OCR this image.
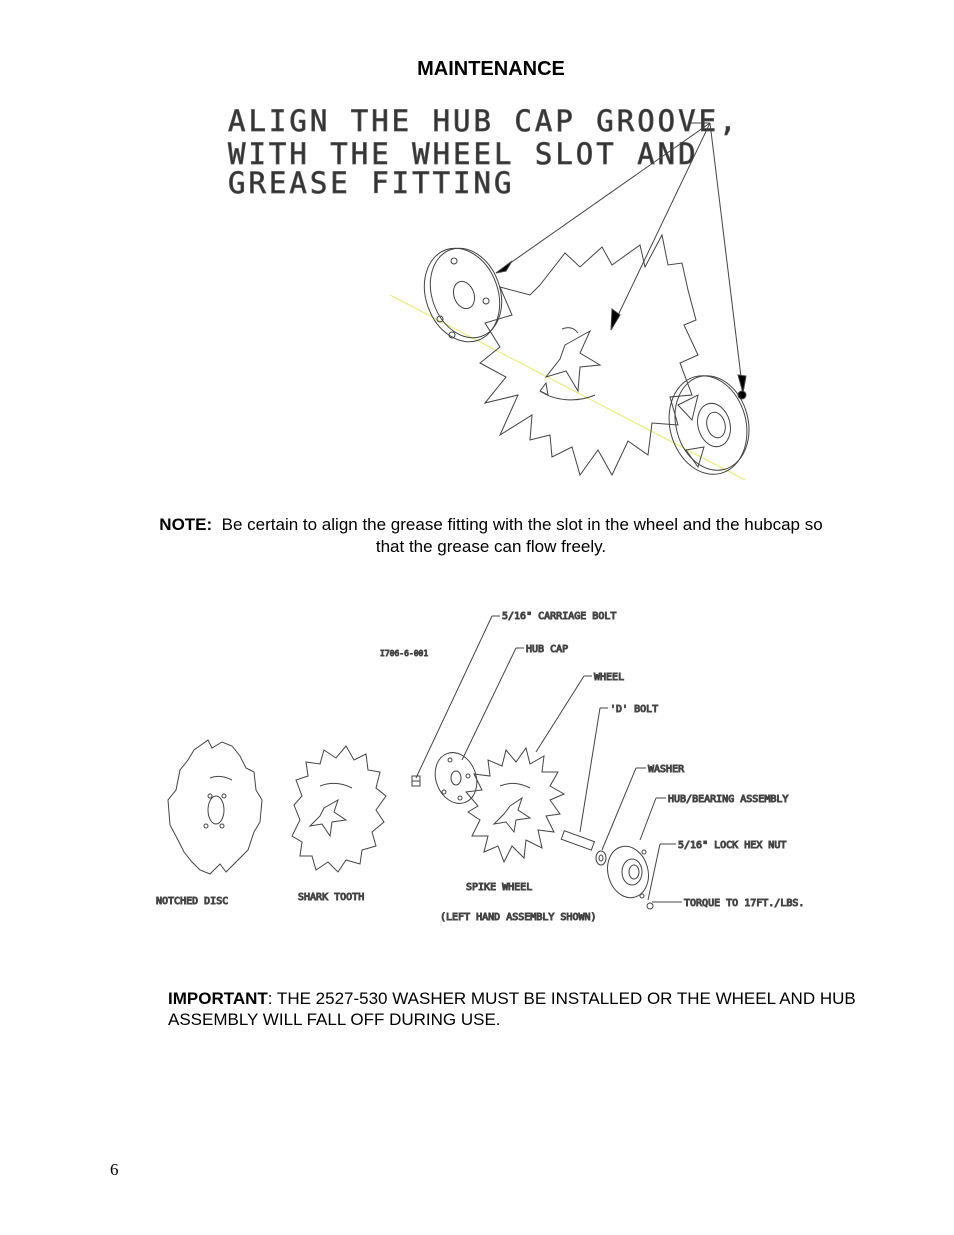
MAINTENANCE
ALIGN THE HUB CAP GROOVE,
WITH THE WHEEL SLOT AND
GREASE FITTING
NOTE: Be certain to align the grease fitting with the slot in the wheel and the hubcap so that the grease can flow freely.
I706-6-001
5/16" CARRIAGE BOLT
HUB CAP
WHEEL
'D' BOLT
WASHER
HUB/BEARING ASSEMBLY
5/16" LOCK HEX NUT
TORQUE TO 17FT./LBS.
NOTCHED DISC	SHARK TOOTH
SPIKE WHEEL
(LEFT HAND ASSEMBLY SHOWN)
IMPORTANT: THE 2527-530 WASHER MUST BE INSTALLED OR THE WHEEL AND HUB ASSEMBLY WILL FALL OFF DURING USE.
6
